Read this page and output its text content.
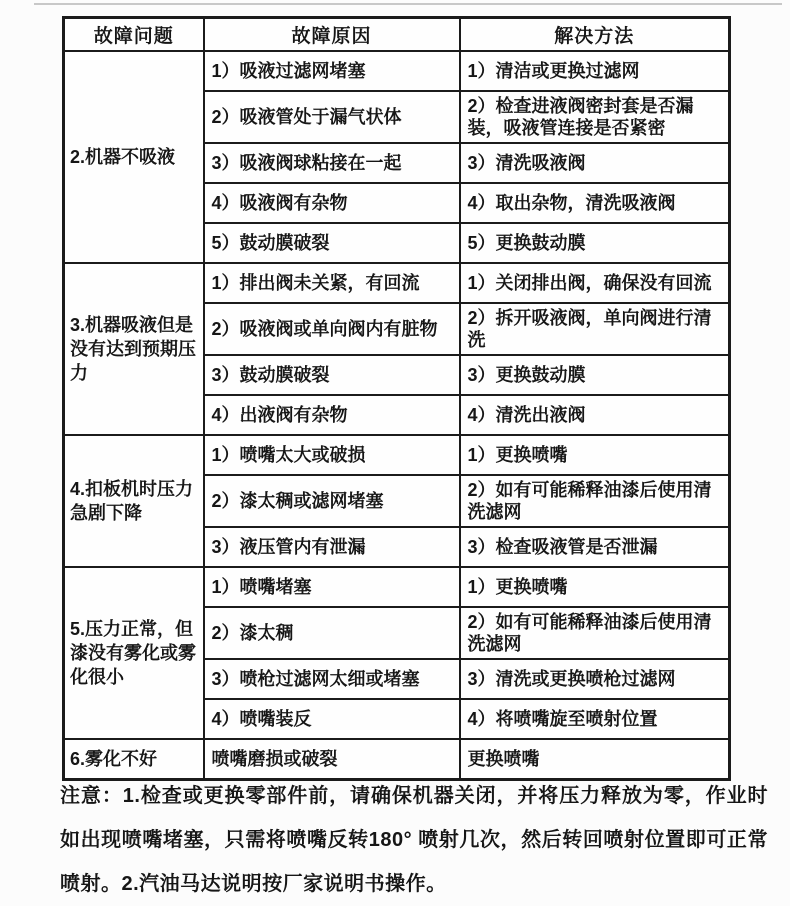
故障问题	故障原因	解决方法
2.机器不吸液	1）吸液过滤网堵塞	1）清洁或更换过滤网
	2）吸液管处于漏气状体	2）检查进液阀密封套是否漏装，吸液管连接是否紧密
	3）吸液阀球粘接在一起	3）清洗吸液阀
	4）吸液阀有杂物	4）取出杂物，清洗吸液阀
	5）鼓动膜破裂	5）更换鼓动膜
3.机器吸液但是没有达到预期压力	1）排出阀未关紧，有回流	1）关闭排出阀，确保没有回流
	2）吸液阀或单向阀内有脏物	2）拆开吸液阀，单向阀进行清洗
	3）鼓动膜破裂	3）更换鼓动膜
	4）出液阀有杂物	4）清洗出液阀
4.扣板机时压力急剧下降	1）喷嘴太大或破损	1）更换喷嘴
	2）漆太稠或滤网堵塞	2）如有可能稀释油漆后使用清洗滤网
	3）液压管内有泄漏	3）检查吸液管是否泄漏
5.压力正常，但漆没有雾化或雾化很小	1）喷嘴堵塞	1）更换喷嘴
	2）漆太稠	2）如有可能稀释油漆后使用清洗滤网
	3）喷枪过滤网太细或堵塞	3）清洗或更换喷枪过滤网
	4）喷嘴装反	4）将喷嘴旋至喷射位置
6.雾化不好	喷嘴磨损或破裂	更换喷嘴

注意：1.检查或更换零部件前，请确保机器关闭，并将压力释放为零，作业时如出现喷嘴堵塞，只需将喷嘴反转180° 喷射几次，然后转回喷射位置即可正常喷射。2.汽油马达说明按厂家说明书操作。
